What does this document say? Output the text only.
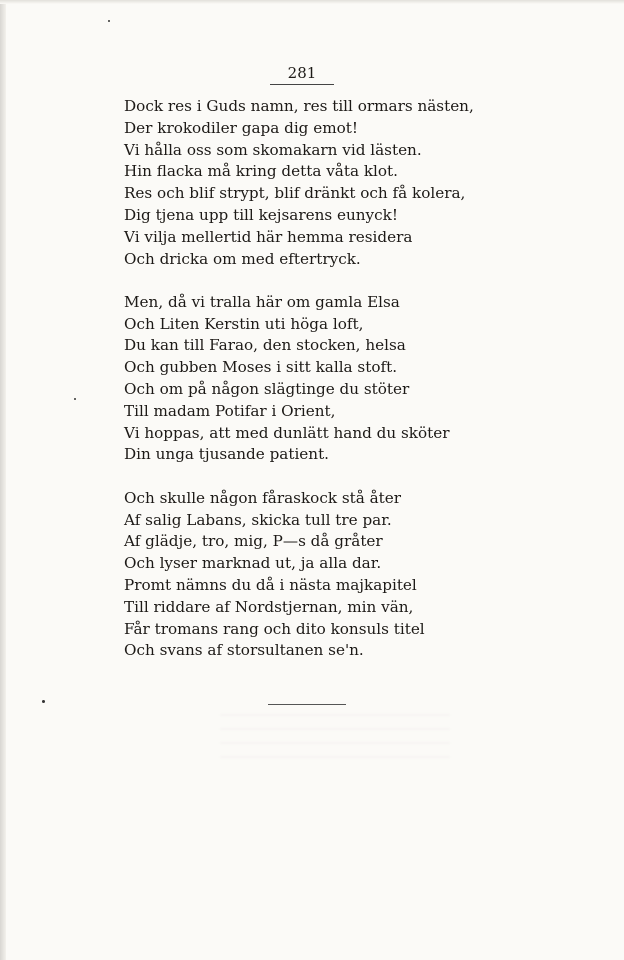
281
Dock res i Guds namn, res till ormars nästen,
Der krokodiler gapa dig emot!
Vi hålla oss som skomakarn vid lästen.
Hin flacka må kring detta våta klot.
Res och blif strypt, blif dränkt och få kolera,
Dig tjena upp till kejsarens eunyck!
Vi vilja mellertid här hemma residera
Och dricka om med eftertryck.
Men, då vi tralla här om gamla Elsa
Och Liten Kerstin uti höga loft,
Du kan till Farao, den stocken, helsa
Och gubben Moses i sitt kalla stoft.
Och om på någon slägtinge du stöter
Till madam Potifar i Orient,
Vi hoppas, att med dunlätt hand du sköter
Din unga tjusande patient.
Och skulle någon fåraskock stå åter
Af salig Labans, skicka tull tre par.
Af glädje, tro, mig, P—s då gråter
Och lyser marknad ut, ja alla dar.
Promt nämns du då i nästa majkapitel
Till riddare af Nordstjernan, min vän,
Får tromans rang och dito konsuls titel
Och svans af storsultanen se'n.
